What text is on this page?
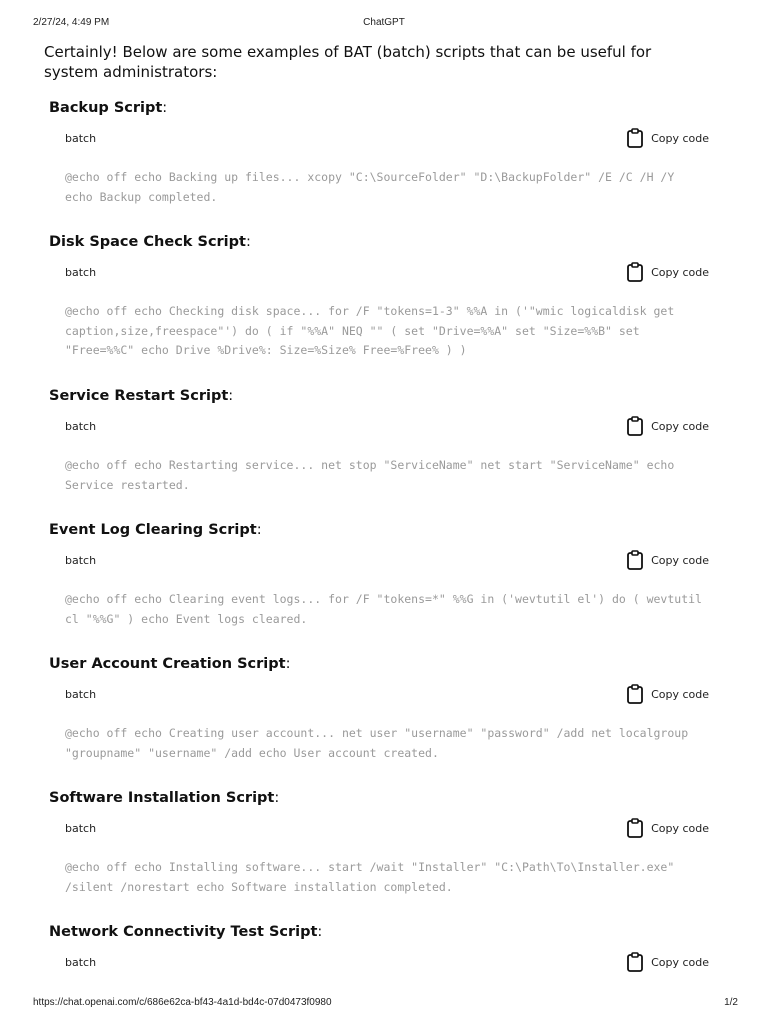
2/27/24, 4:49 PM	ChatGPT
Certainly! Below are some examples of BAT (batch) scripts that can be useful for system administrators:
Backup Script:
batch	Copy code
@echo off echo Backing up files... xcopy "C:\SourceFolder" "D:\BackupFolder" /E /C /H /Y echo Backup completed.
Disk Space Check Script:
batch	Copy code
@echo off echo Checking disk space... for /F "tokens=1-3" %%A in ('"wmic logicaldisk get caption,size,freespace"') do ( if "%%A" NEQ "" ( set "Drive=%%A" set "Size=%%B" set "Free=%%C" echo Drive %Drive%: Size=%Size% Free=%Free% ) )
Service Restart Script:
batch	Copy code
@echo off echo Restarting service... net stop "ServiceName" net start "ServiceName" echo Service restarted.
Event Log Clearing Script:
batch	Copy code
@echo off echo Clearing event logs... for /F "tokens=*" %%G in ('wevtutil el') do ( wevtutil cl "%%G" ) echo Event logs cleared.
User Account Creation Script:
batch	Copy code
@echo off echo Creating user account... net user "username" "password" /add net localgroup "groupname" "username" /add echo User account created.
Software Installation Script:
batch	Copy code
@echo off echo Installing software... start /wait "Installer" "C:\Path\To\Installer.exe" /silent /norestart echo Software installation completed.
Network Connectivity Test Script:
batch	Copy code
https://chat.openai.com/c/686e62ca-bf43-4a1d-bd4c-07d0473f0980	1/2
